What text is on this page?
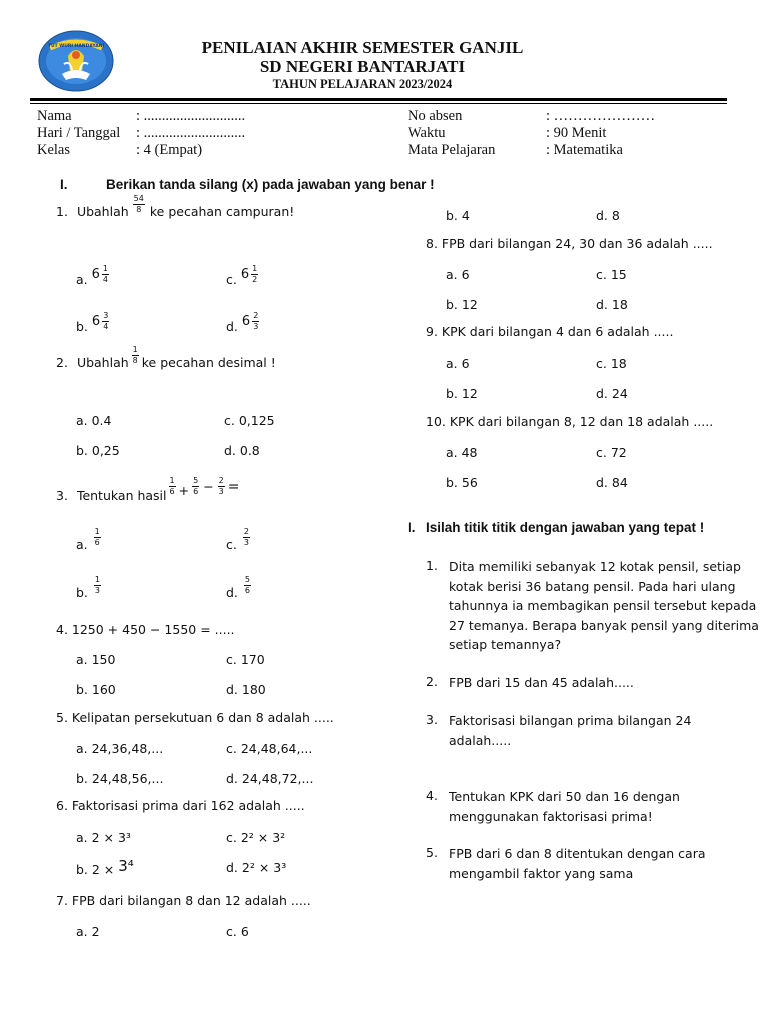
TUT WURI HANDAYANI	PENILAIAN AKHIR SEMESTER GANJIL
SD NEGERI BANTARJATI
TAHUN PELAJARAN 2023/2024
Nama	: ............................
Hari / Tanggal : ............................
Kelas	: 4 (Empat)
No absen	: …………………
Waktu	: 90 Menit
Mata Pelajaran	: Matematika
I.	Berikan tanda silang (x) pada jawaban yang benar !
1. Ubahlah $\frac{54}{8}$ ke pecahan campuran!
a. $6 \frac{1}{4}$	c. $6 \frac{1}{2}$
b. $6 \frac{3}{4}$	d. $6 \frac{2}{3}$
2. Ubahlah $\frac{1}{8}$ ke pecahan desimal !
a. 0.4	c. 0,125
b. 0,25	d. 0.8
3. Tentukan hasil $\frac{1}{6} + \frac{5}{6} - \frac{2}{3}$ =
a. $\frac{1}{6}$	c. $\frac{2}{3}$
b. $\frac{1}{3}$	d. $\frac{5}{6}$
4. 1250 + 450 − 1550 = .....
a. 150	c. 170
b. 160	d. 180
5. Kelipatan persekutuan 6 dan 8 adalah .....
a. 24,36,48,...	c. 24,48,64,...
b. 24,48,56,...	d. 24,48,72,...
6. Faktorisasi prima dari 162 adalah .....
a. 2 × 3³	c. 2² × 3²
b. 2 × 3⁴	d. 2² × 3³
7. FPB dari bilangan 8 dan 12 adalah .....
a. 2	c. 6
b. 4	d. 8
8. FPB dari bilangan 24, 30 dan 36 adalah .....
a. 6	c. 15
b. 12	d. 18
9. KPK dari bilangan 4 dan 6 adalah .....
a. 6	c. 18
b. 12	d. 24
10. KPK dari bilangan 8, 12 dan 18 adalah .....
a. 48	c. 72
b. 56	d. 84
I. Isilah titik titik dengan jawaban yang tepat !
1. Dita memiliki sebanyak 12 kotak pensil, setiap kotak berisi 36 batang pensil. Pada hari ulang tahunnya ia membagikan pensil tersebut kepada 27 temanya. Berapa banyak pensil yang diterima setiap temannya?
2. FPB dari 15 dan 45 adalah.....
3. Faktorisasi bilangan prima bilangan 24 adalah.....
4. Tentukan KPK dari 50 dan 16 dengan menggunakan faktorisasi prima!
5. FPB dari 6 dan 8 ditentukan dengan cara mengambil faktor yang sama
